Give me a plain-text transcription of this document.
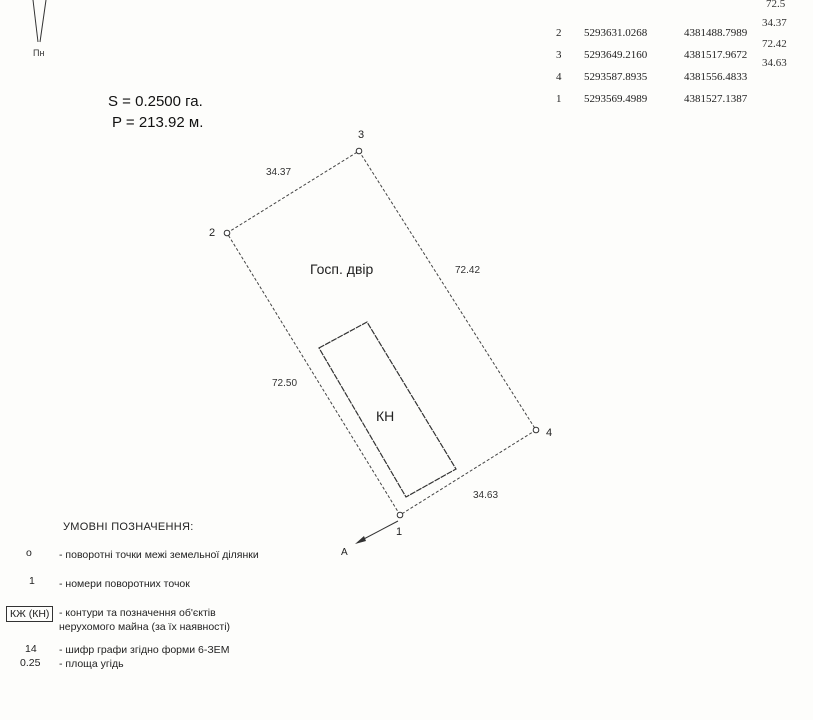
Пн
2
3
4
1
34.37
72.42
34.63
72.50
Госп. двір
КН
А
S = 0.2500 га.
P = 213.92 м.

2	5293631.0268	4381488.7989
3	5293649.2160	4381517.9672
4	5293587.8935	4381556.4833
1	5293569.4989	4381527.1387
72.5
34.37
72.42
34.63
УМОВНІ ПОЗНАЧЕННЯ:
o	- поворотні точки межі земельної ділянки
1 - номери поворотних точок
КЖ (КН) - контури та позначення об'єктів нерухомого майна (за їх наявності)
14 - шифр графи згідно форми 6-ЗЕМ
0.25 - площа угідь
